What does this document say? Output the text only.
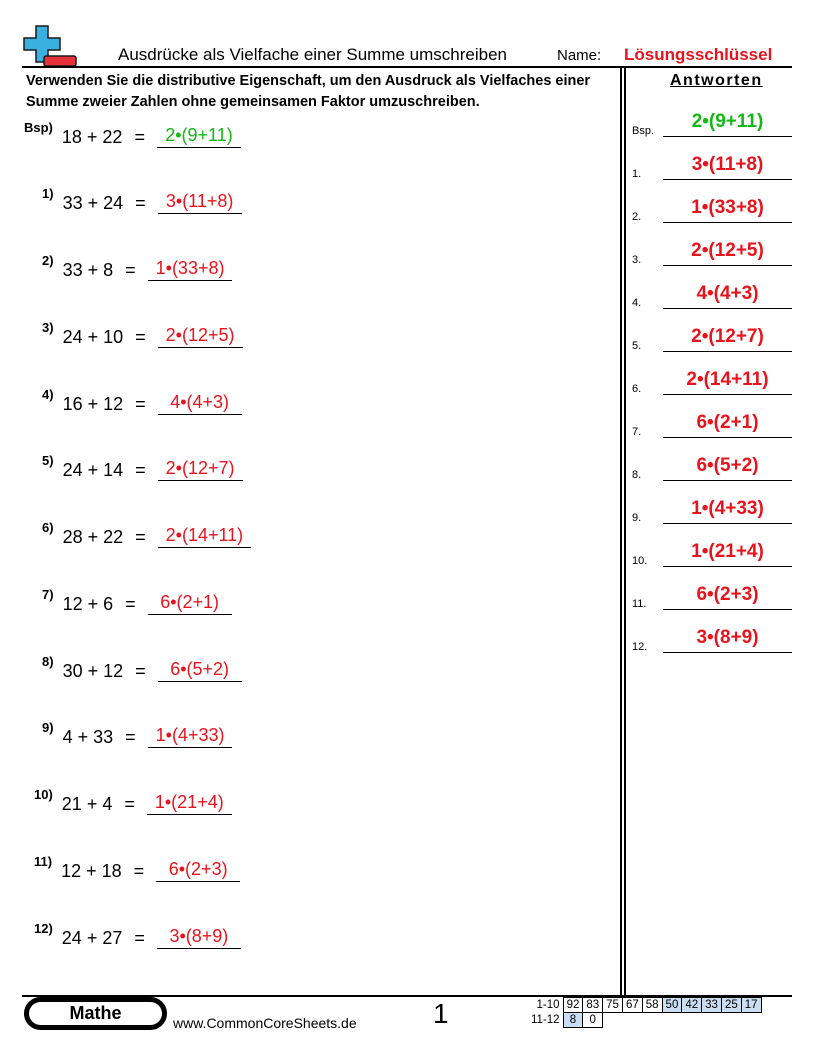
Ausdrücke als Vielfache einer Summe umschreiben	Name: Lösungsschlüssel
Verwenden Sie die distributive Eigenschaft, um den Ausdruck als Vielfaches einer Summe zweier Zahlen ohne gemeinsamen Faktor umzuschreiben.
Bsp) 18 + 22 =	2•(9+11)
1) 33 + 24 =	3•(11+8)
2) 33 + 8 =	1•(33+8)
3) 24 + 10 =	2•(12+5)
4) 16 + 12 =	4•(4+3)
5) 24 + 14 =	2•(12+7)
6) 28 + 22 =	2•(14+11)
7) 12 + 6 =	6•(2+1)
8) 30 + 12 =	6•(5+2)
9) 4 + 33 =	1•(4+33)
10) 21 + 4 =	1•(21+4)
11) 12 + 18 =	6•(2+3)
12) 24 + 27 =	3•(8+9)
Antworten
Bsp.	2•(9+11)
1.	3•(11+8)
2.	1•(33+8)
3.	2•(12+5)
4.	4•(4+3)
5.	2•(12+7)
6.	2•(14+11)
7.	6•(2+1)
8.	6•(5+2)
9.	1•(4+33)
10.	1•(21+4)
11.	6•(2+3)
12.	3•(8+9)
Mathe	www.CommonCoreSheets.de	1	1-10	92	83	75	67	58	50	42	33	25	17
11-12	8	0								
